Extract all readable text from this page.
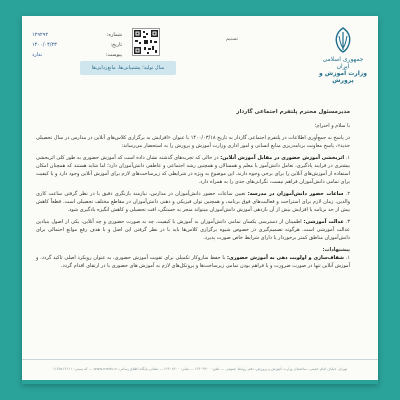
جمهوری اسلامی ایران
وزارت آموزش و پرورش
تسنیم
شماره:
تاریخ:
پیوست:
۱۲۹۲۹۲
۱۴۰۰/۰۴/۲۳
ندارد
سال تولید؛ پشتیبانی‌ها، مانع‌زدایی‌ها
مدیرمسئول محترم پلتفرم اجتماعی گاردار

با سلام و احترام؛

در پاسخ به جمع‌آوری اطلاعات در پلتفرم اجتماعی گاردار به تاریخ ۱۴۰۰/۰۳/۱۸ با عنوان «افزایش به برگزاری کلاس‌های آنلاین در مدارس در سال تحصیلی جدید»، پاسخ معاونت برنامه‌ریزی منابع انسانی و امور اداری وزارت آموزش و پرورش را به استحضار می‌رساند:

۱. اثربخشی آموزش حضوری در مقابل آموزش آنلاین: در حالی که تجربه‌های گذشته نشان داده است که آموزش حضوری به طور کلی اثربخشی بیشتری در فرایند یادگیری، تعامل دانش‌آموز با معلم و همسالان و همچنین رشد اجتماعی و عاطفی دانش‌آموزان دارد؛ اما شاید هستند که همچنان امکان استفاده از آموزش‌های آنلاین را برای برخی وجوه دارند. این موضوع به ویژه در شرایطی که زیرساخت‌های لازم برای آموزش آنلاین وجود دارد و یا کیفیت برای تمامی دانش‌آموزان فراهم نیست، نگرانی‌های جدی را به همراه دارد.
۲. ساعات حضور دانش‌آموزان در مدرسه: تعیین ساعات حضور دانش‌آموزان در مدارس، نیازمند بازنگری دقیق با در نظر گرفتن ساعت کاری والدین، زمان لازم برای استراحت و فعالیت‌های فوق برنامه، و همچنین توان فیزیکی و ذهنی دانش‌آموزان در مقاطع مختلف تحصیلی است. قطعاً کاهش بیش از حد برنامه یا افزایش بیش از آن بازدهی آموزش دانش‌آموزان میتواند منجر به خستگی، افت تحصیلی و کاهش انگیزه یادگیری شود.
۳. عدالت آموزشی: اطمینان از دسترسی یکسان تمامی دانش‌آموزان به آموزش با کیفیت، چه به صورت حضوری و چه آنلاین، یکی از اصول بنیادین عدالت آموزشی است. هرگونه تصمیم‌گیری در خصوص شیوه برگزاری کلاس‌ها باید با در نظر گرفتن این اصل و با هدف رفع موانع احتمالی برای دانش‌آموزان مناطق کمتر برخوردار یا دارای شرایط خاص صورت پذیرد.
پیشنهادات:
۱. شفاف‌سازی و اولویت دهی به آموزش حضوری: با حفظ سازوکار تکمیلی برای تقویت آموزش حضوری، به عنوان رویکرد اصلی تاکید گردد. و آموزش آنلاین تنها در صورت ضرورت و با فراهم بودن تمامی زیرساخت‌ها و پروتکل‌های لازم به آموزش های حضوری یا در ارتقای اقدام گردد.
تهران، خیابان امام خمینی، ساختمان وزارت آموزش و پرورش، دفتر روابط عمومی — تلفن: ۶۶۴۰۹۹۰۰ — نمابر: ۶۶۴۰۸۴۰۰ — نشانی پایگاه اطلاع رسانی: www.medu.ir — کد پستی: ۱۱۳۵۸۱۴۱۱۱
